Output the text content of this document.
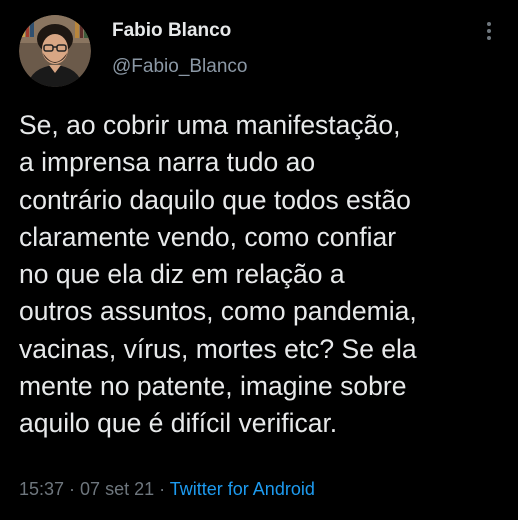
Fabio Blanco
@Fabio_Blanco
Se, ao cobrir uma manifestação,
a imprensa narra tudo ao
contrário daquilo que todos estão
claramente vendo, como confiar
no que ela diz em relação a
outros assuntos, como pandemia,
vacinas, vírus, mortes etc? Se ela
mente no patente, imagine sobre
aquilo que é difícil verificar.
15:37 · 07 set 21 · Twitter for Android
